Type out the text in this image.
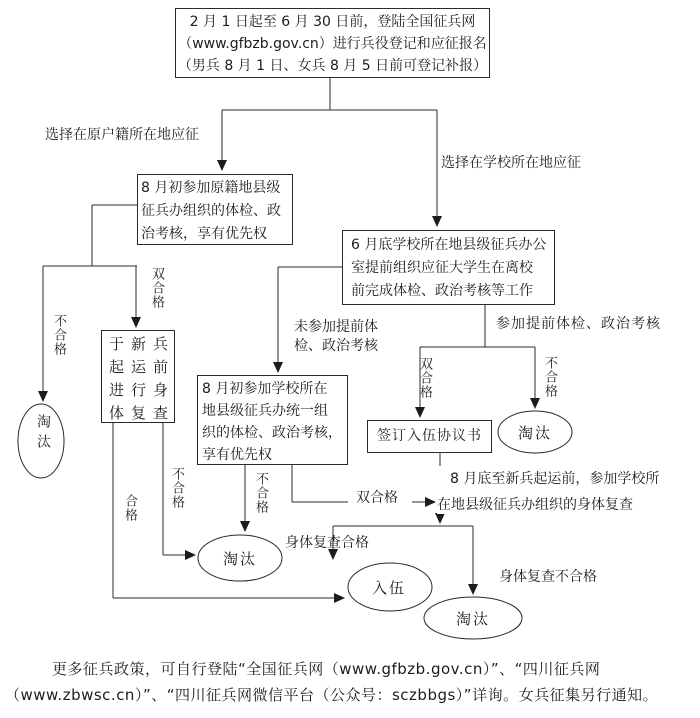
2 月 1 日起至 6 月 30 日前，登陆全国征兵网
（www.gfbzb.gov.cn）进行兵役登记和应征报名
（男兵 8 月 1 日、女兵 8 月 5 日前可登记补报）
8 月初参加原籍地县级
征兵办组织的体检、政
治考核，享有优先权
6 月底学校所在地县级征兵办公
室提前组织应征大学生在离校
前完成体检、政治考核等工作
于新兵
起运前
进行身
体复查
8 月初参加学校所在
地县级征兵办统一组
织的体检、政治考核，
享有优先权
签订入伍协议书
8 月底至新兵起运前，参加学校所
在地县级征兵办组织的身体复查
选择在原户籍所在地应征
选择在学校所在地应征
双合格
不合格
合格 不合格	不合格
双合格	不合格
未参加提前体
检、政治考核
参加提前体检、政治考核
双合格
身体复查合格
身体复查不合格
淘汰
淘汰
淘汰
入伍
淘汰
更多征兵政策，可自行登陆“全国征兵网（www.gfbzb.gov.cn）”、“四川征兵网
（www.zbwsc.cn）”、“四川征兵网微信平台（公众号：sczbbgs）”详询。女兵征集另行通知。
